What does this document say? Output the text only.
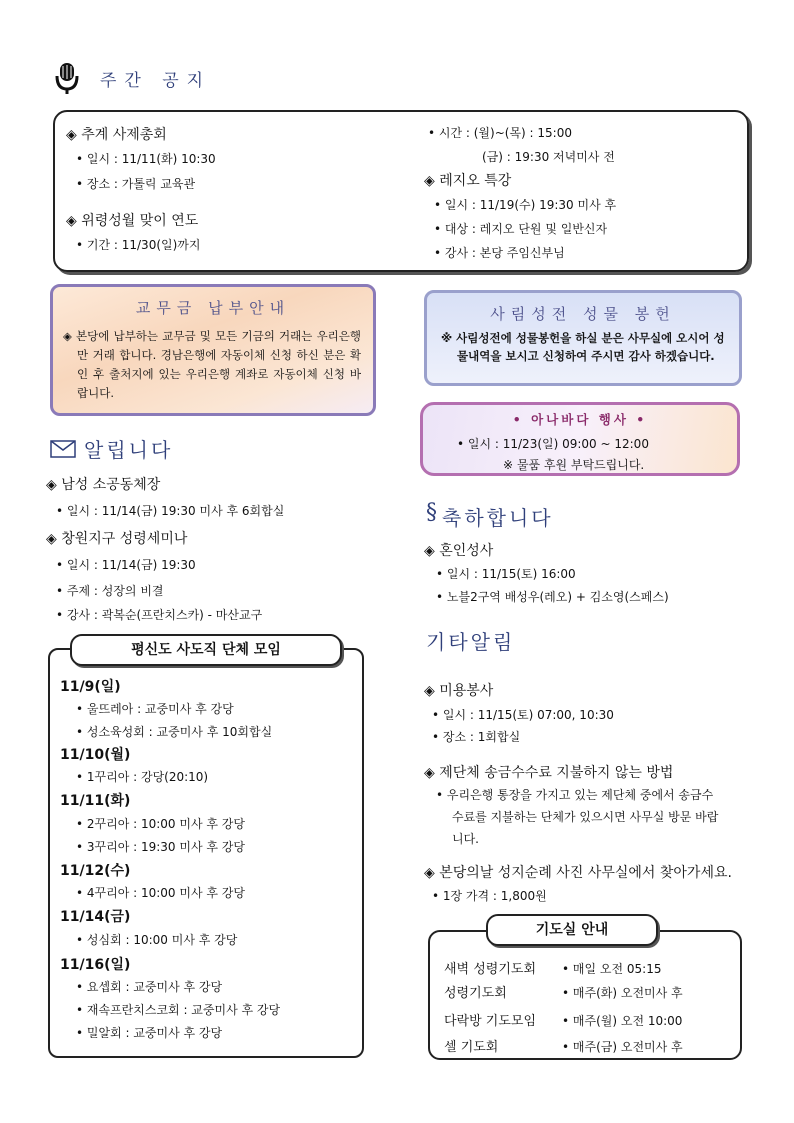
주간 공지
◈ 추계 사제총회
• 일시 : 11/11(화) 10:30
• 장소 : 가톨릭 교육관
◈ 위령성월 맞이 연도
• 기간 : 11/30(일)까지
• 시간 : (월)~(목) : 15:00
(금) : 19:30 저녁미사 전
◈ 레지오 특강
• 일시 : 11/19(수) 19:30 미사 후
• 대상 : 레지오 단원 및 일반신자
• 강사 : 본당 주임신부님
교무금 납부안내
◈ 본당에 납부하는 교무금 및 모든 기금의 거래는 우리은행만 거래 합니다. 경남은행에 자동이체 신청 하신 분은 확인 후 출처지에 있는 우리은행 계좌로 자동이체 신청 바랍니다.
사림성전 성물 봉헌
※ 사림성전에 성물봉헌을 하실 분은 사무실에 오시어 성물내역을 보시고 신청하여 주시면 감사 하겠습니다.
• 아나바다 행사 •
• 일시 : 11/23(일) 09:00 ~ 12:00
※ 물품 후원 부탁드립니다.
알립니다
◈ 남성 소공동체장
• 일시 : 11/14(금) 19:30 미사 후 6회합실
◈ 창원지구 성령세미나
• 일시 : 11/14(금) 19:30
• 주제 : 성장의 비결
• 강사 : 곽복순(프란치스카) - 마산교구
평신도 사도직 단체 모임
11/9(일)
• 울뜨레아 : 교중미사 후 강당
• 성소육성회 : 교중미사 후 10회합실
11/10(월)
• 1꾸리아 : 강당(20:10)
11/11(화)
• 2꾸리아 : 10:00 미사 후 강당
• 3꾸리아 : 19:30 미사 후 강당
11/12(수)
• 4꾸리아 : 10:00 미사 후 강당
11/14(금)
• 성심회 : 10:00 미사 후 강당
11/16(일)
• 요셉회 : 교중미사 후 강당
• 재속프란치스코회 : 교중미사 후 강당
• 밀알회 : 교중미사 후 강당
§ 축하합니다
◈ 혼인성사
• 일시 : 11/15(토) 16:00
• 노블2구역 배성우(레오) + 김소영(스페스)
기타알림
◈ 미용봉사
• 일시 : 11/15(토) 07:00, 10:30
• 장소 : 1회합실
◈ 제단체 송금수수료 지불하지 않는 방법
• 우리은행 통장을 가지고 있는 제단체 중에서 송금수
수료를 지불하는 단체가 있으시면 사무실 방문 바랍
니다.
◈ 본당의날 성지순례 사진 사무실에서 찾아가세요.
• 1장 가격 : 1,800원
기도실 안내
새벽 성령기도회 • 매일 오전 05:15
성령기도회	• 매주(화) 오전미사 후
다락방 기도모임 • 매주(월) 오전 10:00
셀 기도회	• 매주(금) 오전미사 후
